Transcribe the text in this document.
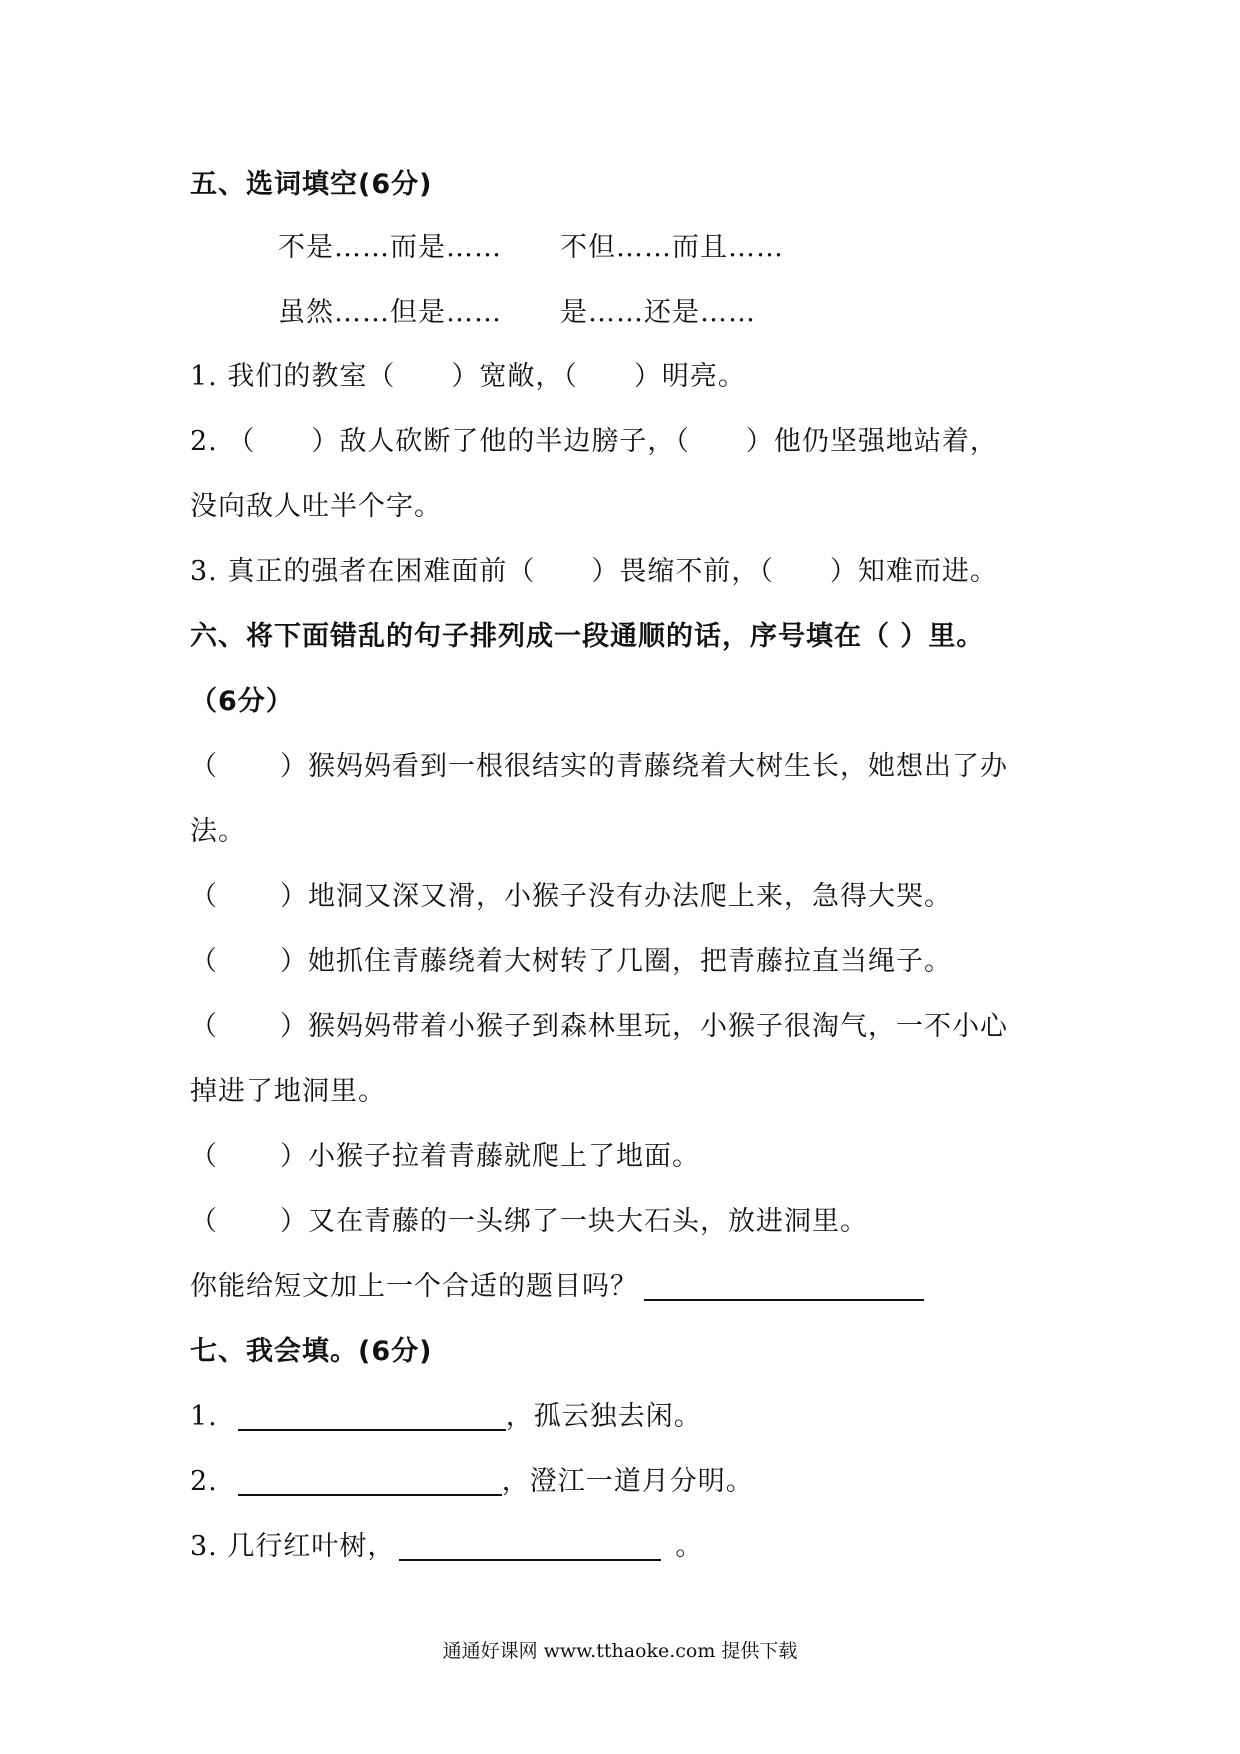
五、选词填空(6分)
不是……而是…… 不但……而且……
虽然……但是…… 是……还是……
1. 我们的教室（ ）宽敞，（ ）明亮。
2. （ ）敌人砍断了他的半边膀子，（ ）他仍坚强地站着，
没向敌人吐半个字。
3. 真正的强者在困难面前（ ）畏缩不前，（ ）知难而进。
六、将下面错乱的句子排列成一段通顺的话，序号填在（ ）里。
（6分）
（ ）猴妈妈看到一根很结实的青藤绕着大树生长，她想出了办
法。
（ ）地洞又深又滑，小猴子没有办法爬上来，急得大哭。
（ ）她抓住青藤绕着大树转了几圈，把青藤拉直当绳子。
（ ）猴妈妈带着小猴子到森林里玩，小猴子很淘气，一不小心
掉进了地洞里。
（ ）小猴子拉着青藤就爬上了地面。
（ ）又在青藤的一头绑了一块大石头，放进洞里。
你能给短文加上一个合适的题目吗？
七、我会填。(6分)
1.	，孤云独去闲。
2.	，澄江一道月分明。
3. 几行红叶树，	。
通通好课网 www.tthaoke.com 提供下载
